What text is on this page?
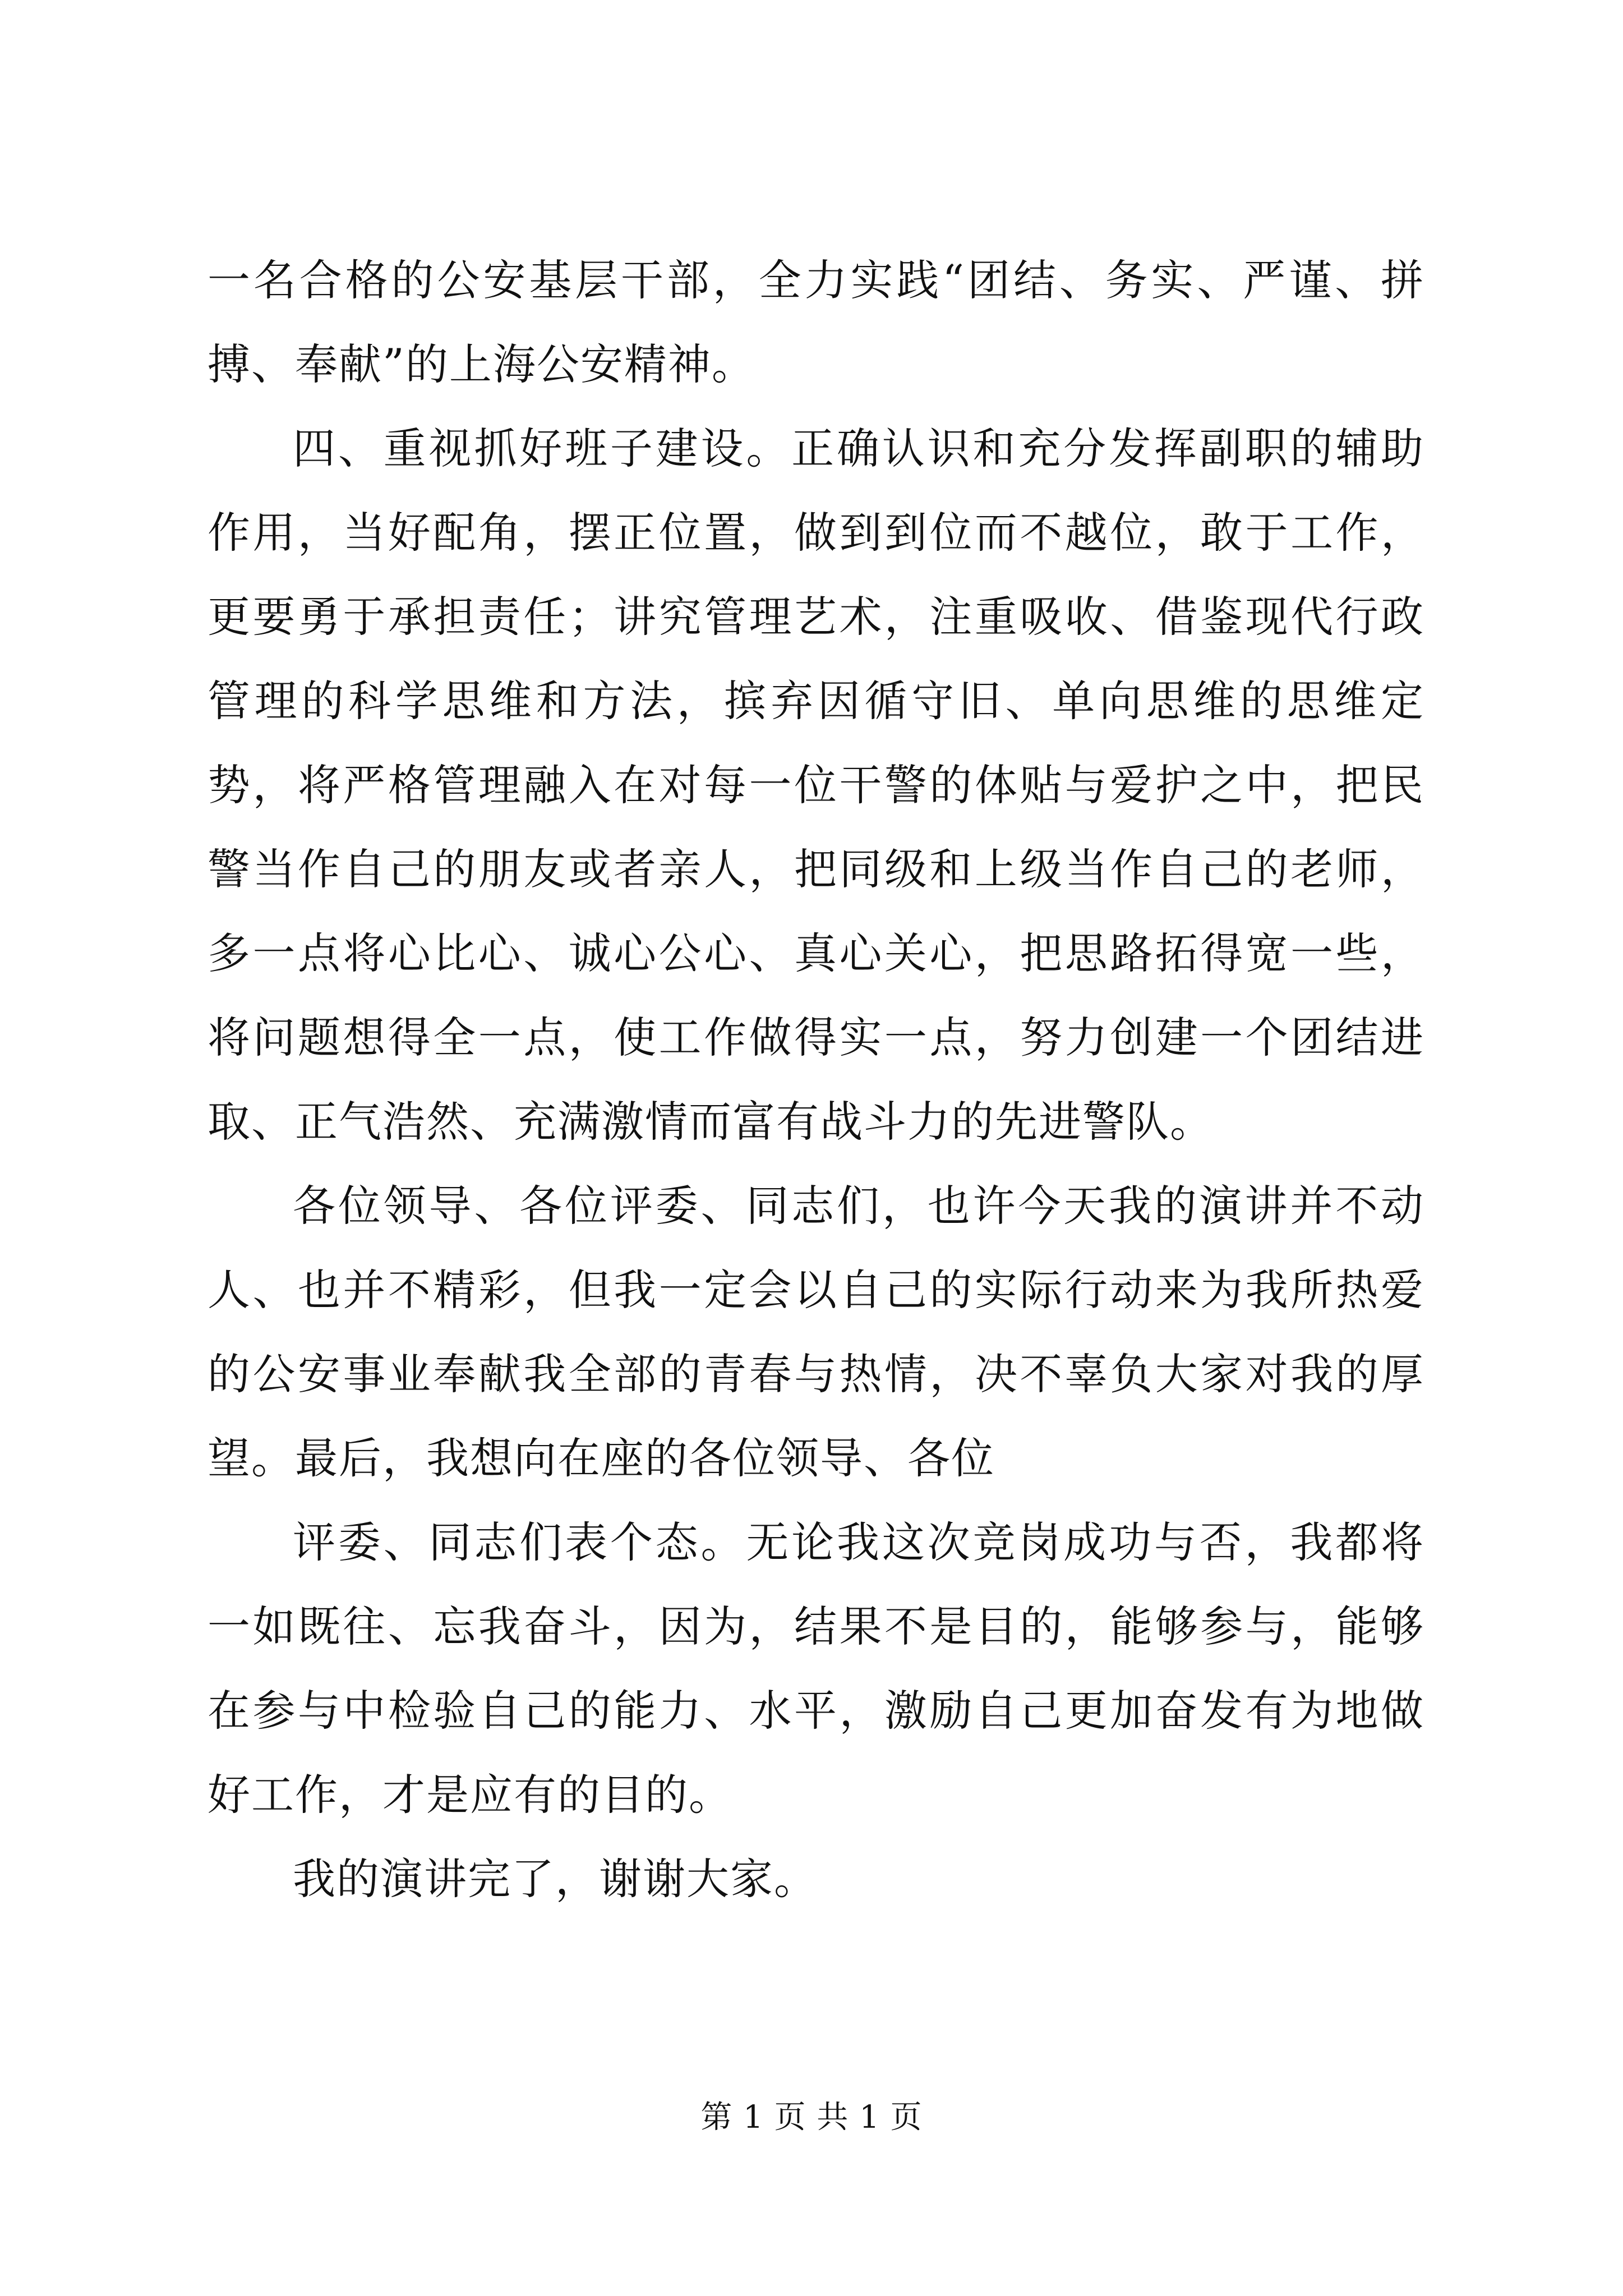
一名合格的公安基层干部，全力实践“团结、务实、严谨、拼搏、奉献”的上海公安精神。

四、重视抓好班子建设。正确认识和充分发挥副职的辅助作用，当好配角，摆正位置，做到到位而不越位，敢于工作，更要勇于承担责任；讲究管理艺术，注重吸收、借鉴现代行政管理的科学思维和方法，摈弃因循守旧、单向思维的思维定势，将严格管理融入在对每一位干警的体贴与爱护之中，把民警当作自己的朋友或者亲人，把同级和上级当作自己的老师，多一点将心比心、诚心公心、真心关心，把思路拓得宽一些，将问题想得全一点，使工作做得实一点，努力创建一个团结进取、正气浩然、充满激情而富有战斗力的先进警队。

各位领导、各位评委、同志们，也许今天我的演讲并不动人、也并不精彩，但我一定会以自己的实际行动来为我所热爱的公安事业奉献我全部的青春与热情，决不辜负大家对我的厚望。最后，我想向在座的各位领导、各位

评委、同志们表个态。无论我这次竞岗成功与否，我都将一如既往、忘我奋斗，因为，结果不是目的，能够参与，能够在参与中检验自己的能力、水平，激励自己更加奋发有为地做好工作，才是应有的目的。

我的演讲完了，谢谢大家。

第 1 页 共 1 页
